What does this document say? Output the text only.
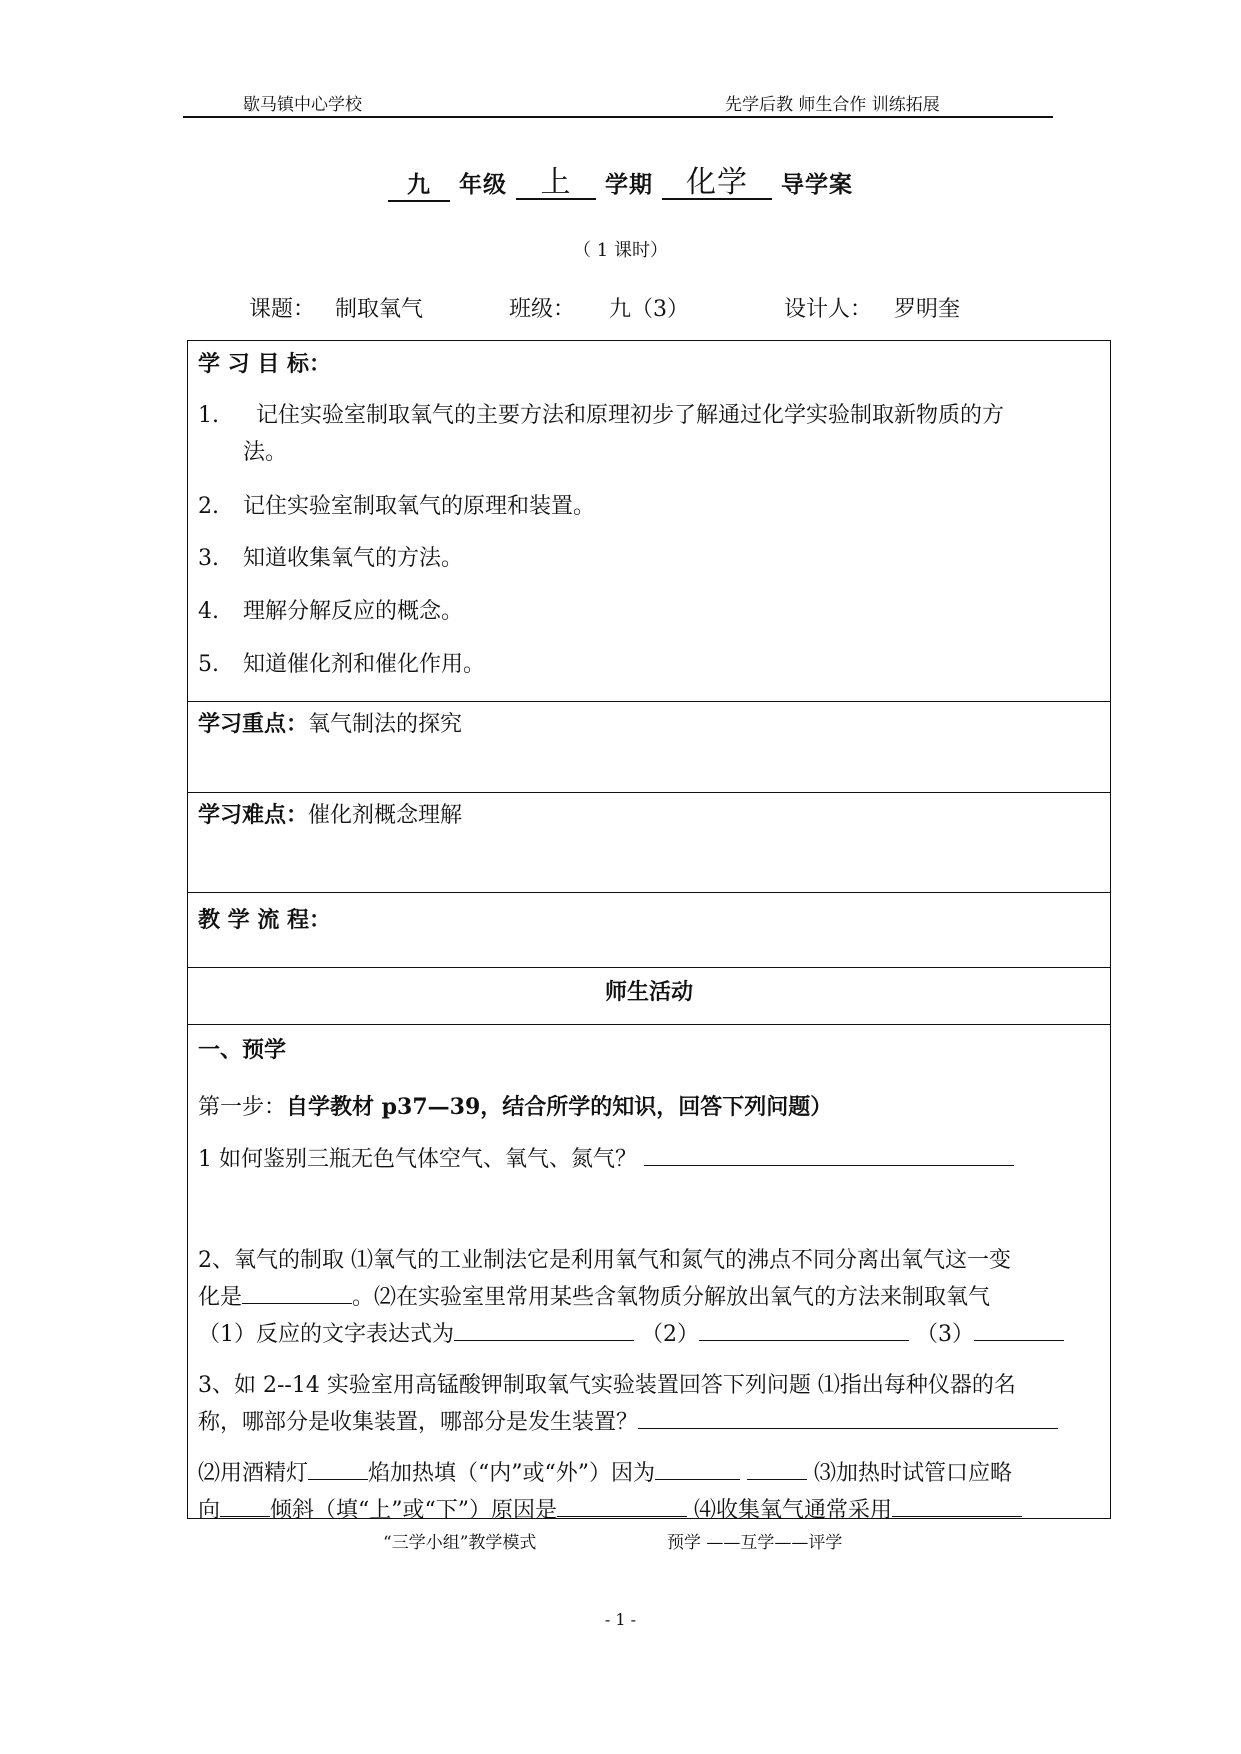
歇马镇中心学校	先学后教 师生合作 训练拓展
九 年级 上 学期 化学 导学案
（ 1 课时）
课题： 制取氧气	班级： 九（3）	设计人： 罗明奎
学 习 目 标：
1. 记住实验室制取氧气的主要方法和原理初步了解通过化学实验制取新物质的方
法。
2. 记住实验室制取氧气的原理和装置。
3. 知道收集氧气的方法。
4. 理解分解反应的概念。
5. 知道催化剂和催化作用。
学习重点：氧气制法的探究
学习难点：催化剂概念理解
教 学 流 程：
师生活动
一、预学
第一步：自学教材 p37—39，结合所学的知识，回答下列问题）
1 如何鉴别三瓶无色气体空气、氧气、氮气？
2、氧气的制取 ⑴氧气的工业制法它是利用氧气和氮气的沸点不同分离出氧气这一变
化是	。⑵在实验室里常用某些含氧物质分解放出氧气的方法来制取氧气
（1）反应的文字表达式为	（2）	（3）
3、如 2--14 实验室用高锰酸钾制取氧气实验装置回答下列问题 ⑴指出每种仪器的名
称，哪部分是收集装置，哪部分是发生装置？
⑵用酒精灯	焰加热填（“内”或“外”）因为	⑶加热时试管口应略
向 倾斜（填“上”或“下”）原因是	⑷收集氧气通常采用
“三学小组”教学模式	预学 ——互学——评学
- 1 -
